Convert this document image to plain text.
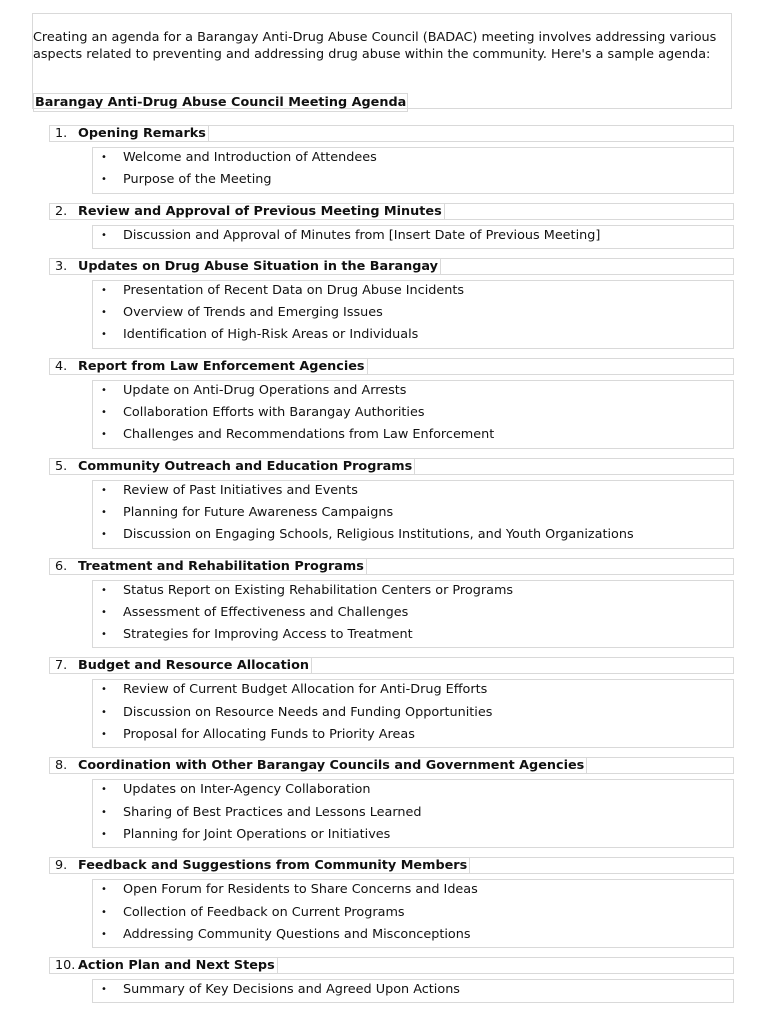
Creating an agenda for a Barangay Anti-Drug Abuse Council (BADAC) meeting involves addressing various aspects related to preventing and addressing drug abuse within the community. Here's a sample agenda:

Barangay Anti-Drug Abuse Council Meeting Agenda
1. Opening Remarks
• Welcome and Introduction of Attendees
• Purpose of the Meeting
2. Review and Approval of Previous Meeting Minutes
• Discussion and Approval of Minutes from [Insert Date of Previous Meeting]
3. Updates on Drug Abuse Situation in the Barangay
• Presentation of Recent Data on Drug Abuse Incidents
• Overview of Trends and Emerging Issues
• Identification of High-Risk Areas or Individuals
4. Report from Law Enforcement Agencies
• Update on Anti-Drug Operations and Arrests
• Collaboration Efforts with Barangay Authorities
• Challenges and Recommendations from Law Enforcement
5. Community Outreach and Education Programs
• Review of Past Initiatives and Events
• Planning for Future Awareness Campaigns
• Discussion on Engaging Schools, Religious Institutions, and Youth Organizations
6. Treatment and Rehabilitation Programs
• Status Report on Existing Rehabilitation Centers or Programs
• Assessment of Effectiveness and Challenges
• Strategies for Improving Access to Treatment
7. Budget and Resource Allocation
• Review of Current Budget Allocation for Anti-Drug Efforts
• Discussion on Resource Needs and Funding Opportunities
• Proposal for Allocating Funds to Priority Areas
8. Coordination with Other Barangay Councils and Government Agencies
• Updates on Inter-Agency Collaboration
• Sharing of Best Practices and Lessons Learned
• Planning for Joint Operations or Initiatives
9. Feedback and Suggestions from Community Members
• Open Forum for Residents to Share Concerns and Ideas
• Collection of Feedback on Current Programs
• Addressing Community Questions and Misconceptions
10. Action Plan and Next Steps
• Summary of Key Decisions and Agreed Upon Actions
